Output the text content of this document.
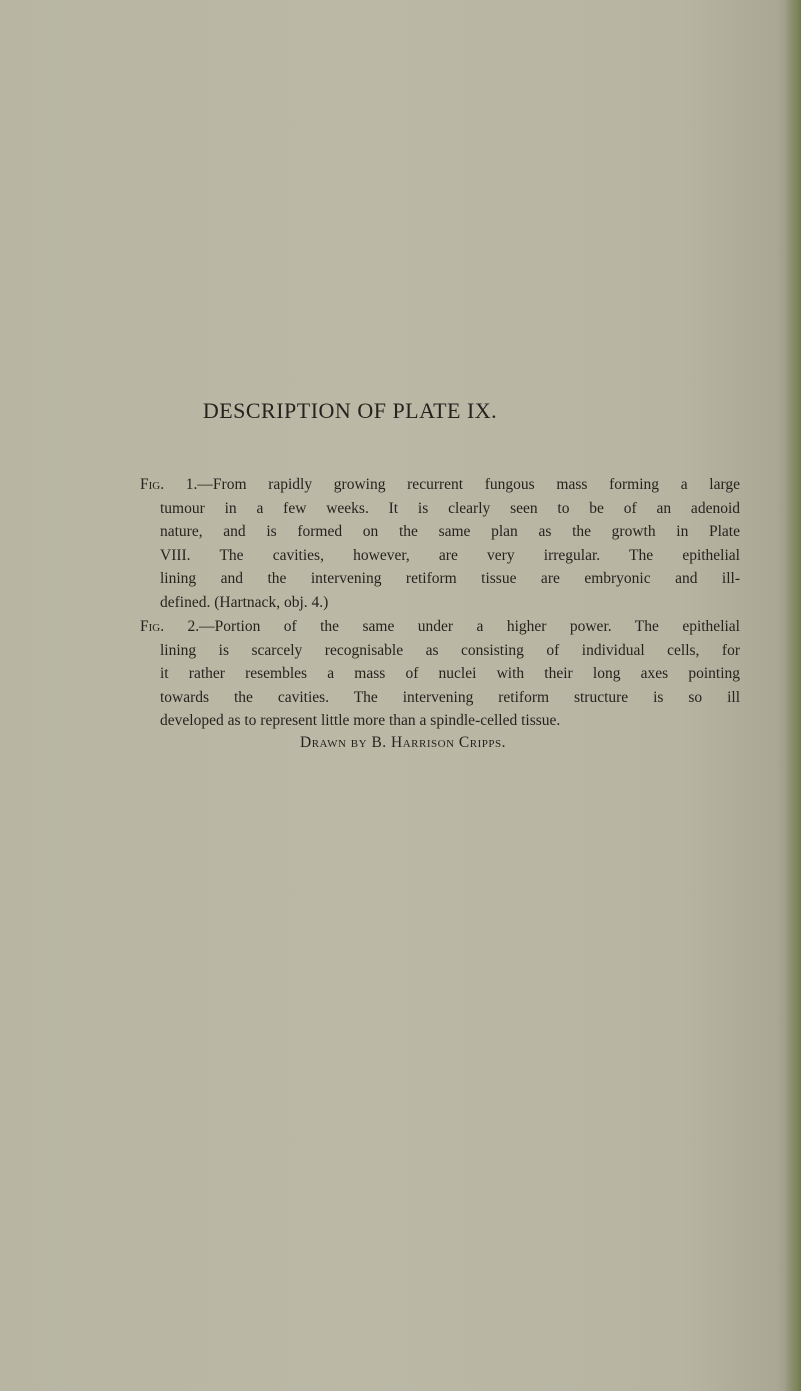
DESCRIPTION OF PLATE IX.
Fig. 1.—From rapidly growing recurrent fungous mass forming a large
tumour in a few weeks. It is clearly seen to be of an adenoid
nature, and is formed on the same plan as the growth in Plate
VIII. The cavities, however, are very irregular. The epithelial
lining and the intervening retiform tissue are embryonic and ill-
defined. (Hartnack, obj. 4.)
Fig. 2.—Portion of the same under a higher power. The epithelial
lining is scarcely recognisable as consisting of individual cells, for
it rather resembles a mass of nuclei with their long axes pointing
towards the cavities. The intervening retiform structure is so ill
developed as to represent little more than a spindle-celled tissue.
Drawn by B. Harrison Cripps.
